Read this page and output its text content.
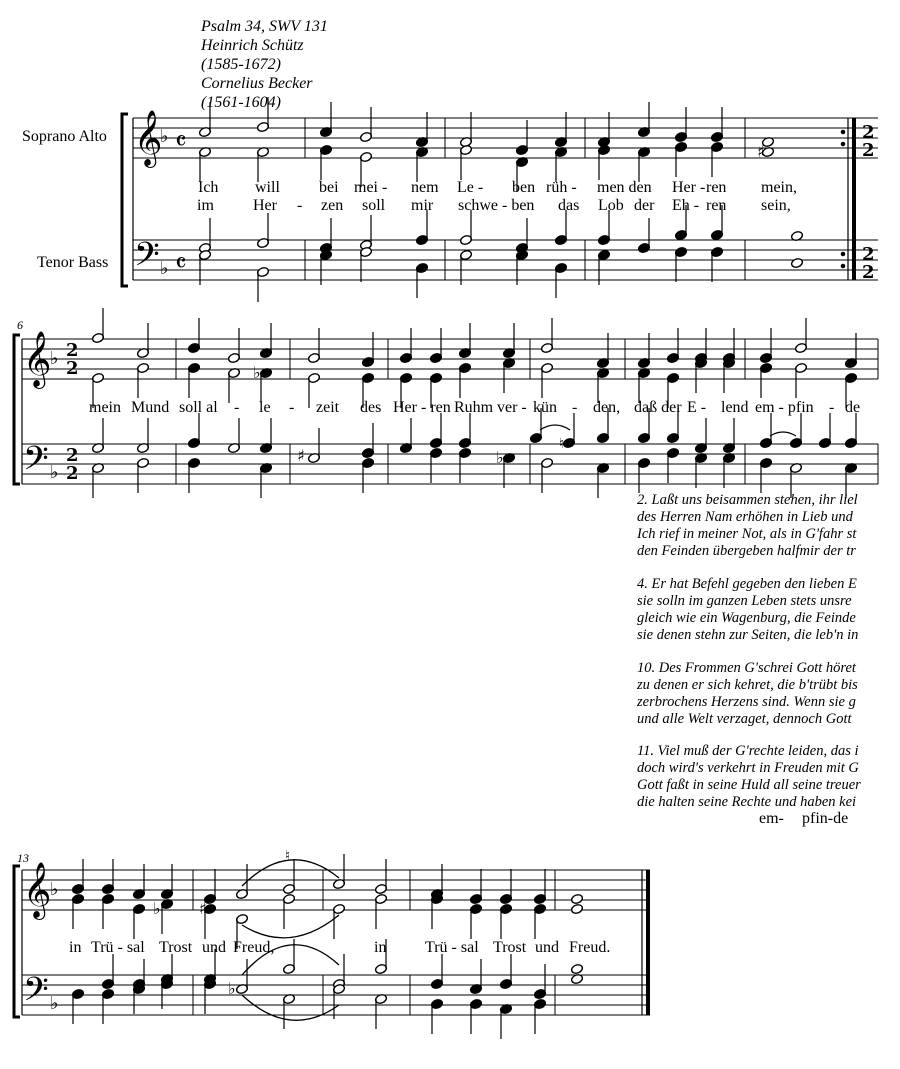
Psalm 34, SWV 131
Heinrich Schütz
(1585-1672)
Cornelius Becker
(1561-1604)
Soprano Alto
Tenor Bass
6
13
𝄞
𝄢
♭
♭
𝄴
𝄴
2
2
2
2
♯
𝄞
𝄢
♭
♭
2
2
2
2
♯
♭
♭
♮
𝄞
𝄢
♭
♭
♯
♭
♮
♭
Ich will bei mei - nem Le - ben rüh - men den Her - ren mein,
im Her - zen soll mir schwe - ben das Lob der Eh - ren sein,
mein Mund soll al - le - zeit des Her - ren Ruhm ver - kün - den, daß der E - lend em - pfin - de
2. Laßt uns beisammen stehen, ihr liel
des Herren Nam erhöhen in Lieb und
Ich rief in meiner Not, als in G'fahr st
den Feinden übergeben halfmir der tr
4. Er hat Befehl gegeben den lieben E
sie solln im ganzen Leben stets unsre
gleich wie ein Wagenburg, die Feinde
sie denen stehn zur Seiten, die leb'n in
10. Des Frommen G'schrei Gott höret
zu denen er sich kehret, die b'trübt bis
zerbrochens Herzens sind. Wenn sie g
und alle Welt verzaget, dennoch Gott
11. Viel muß der G'rechte leiden, das i
doch wird's verkehrt in Freuden mit G
Gott faßt in seine Huld all seine treuer
die halten seine Rechte und haben kei
em- pfin-de
in Trü - sal Trost und Freud,	in Trü - sal Trost und Freud.
